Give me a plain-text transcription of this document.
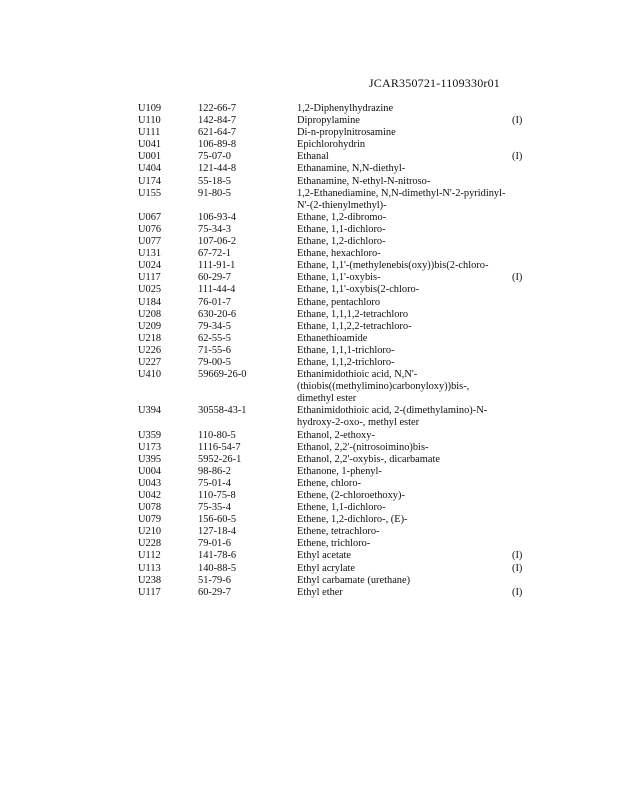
JCAR350721-1109330r01
U109	122-66-7	1,2-Diphenylhydrazine
U110	142-84-7	Dipropylamine	(I)
U111	621-64-7	Di-n-propylnitrosamine
U041	106-89-8	Epichlorohydrin
U001	75-07-0	Ethanal	(I)
U404	121-44-8	Ethanamine, N,N-diethyl-
U174	55-18-5	Ethanamine, N-ethyl-N-nitroso-
U155	91-80-5	1,2-Ethanediamine, N,N-dimethyl-N'-2-pyridinyl-N'-(2-thienylmethyl)-
U067	106-93-4	Ethane, 1,2-dibromo-
U076	75-34-3	Ethane, 1,1-dichloro-
U077	107-06-2	Ethane, 1,2-dichloro-
U131	67-72-1	Ethane, hexachloro-
U024	111-91-1	Ethane, 1,1'-(methylenebis(oxy))bis(2-chloro-
U117	60-29-7	Ethane, 1,1'-oxybis-	(I)
U025	111-44-4	Ethane, 1,1'-oxybis(2-chloro-
U184	76-01-7	Ethane, pentachloro
U208	630-20-6	Ethane, 1,1,1,2-tetrachloro
U209	79-34-5	Ethane, 1,1,2,2-tetrachloro-
U218	62-55-5	Ethanethioamide
U226	71-55-6	Ethane, 1,1,1-trichloro-
U227	79-00-5	Ethane, 1,1,2-trichloro-
U410	59669-26-0	Ethanimidothioic acid, N,N'-(thiobis((methylimino)carbonyloxy))bis-, dimethyl ester
U394	30558-43-1	Ethanimidothioic acid, 2-(dimethylamino)-N-hydroxy-2-oxo-, methyl ester
U359	110-80-5	Ethanol, 2-ethoxy-
U173	1116-54-7	Ethanol, 2,2'-(nitrosoimino)bis-
U395	5952-26-1	Ethanol, 2,2'-oxybis-, dicarbamate
U004	98-86-2	Ethanone, 1-phenyl-
U043	75-01-4	Ethene, chloro-
U042	110-75-8	Ethene, (2-chloroethoxy)-
U078	75-35-4	Ethene, 1,1-dichloro-
U079	156-60-5	Ethene, 1,2-dichloro-, (E)-
U210	127-18-4	Ethene, tetrachloro-
U228	79-01-6	Ethene, trichloro-
U112	141-78-6	Ethyl acetate	(I)
U113	140-88-5	Ethyl acrylate	(I)
U238	51-79-6	Ethyl carbamate (urethane)
U117	60-29-7	Ethyl ether	(I)
